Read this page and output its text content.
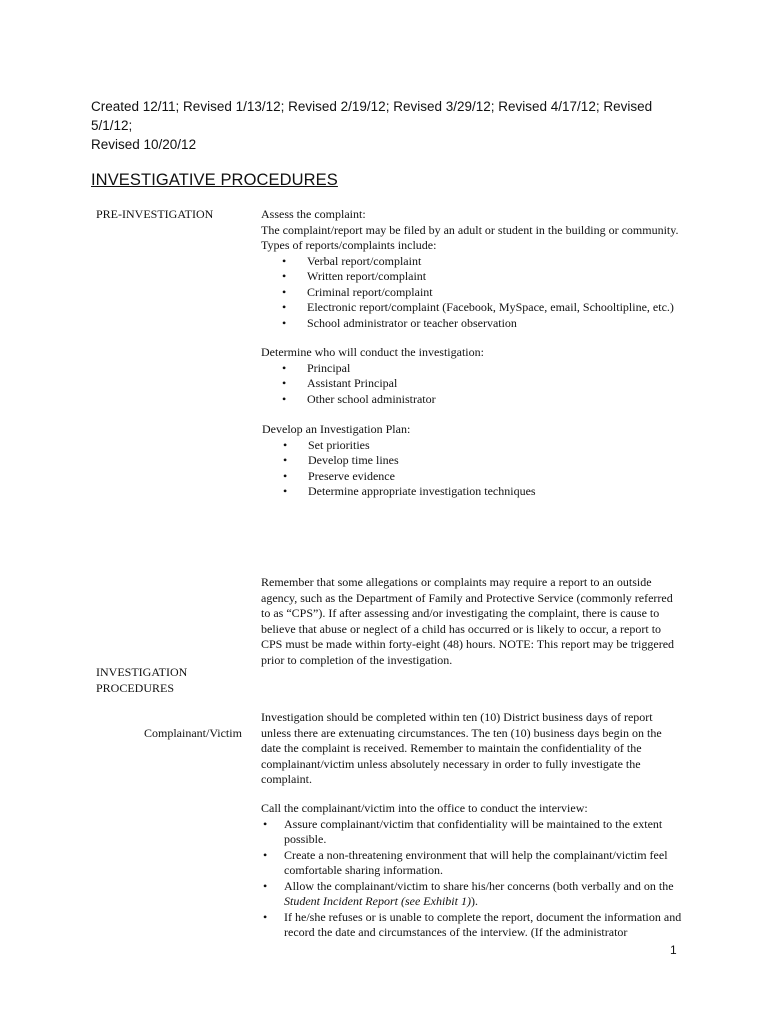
Created 12/11; Revised 1/13/12; Revised 2/19/12; Revised 3/29/12; Revised 4/17/12; Revised 5/1/12;
Revised 10/20/12
INVESTIGATIVE PROCEDURES
PRE-INVESTIGATION	Assess the complaint:

The complaint/report may be filed by an adult or student in the building or community.

Types of reports/complaints include:

• Verbal report/complaint
• Written report/complaint
• Criminal report/complaint
• Electronic report/complaint (Facebook, MySpace, email, Schooltipline, etc.)
• School administrator or teacher observation

Determine who will conduct the investigation:

• Principal
• Assistant Principal
• Other school administrator

Develop an Investigation Plan:

• Set priorities
• Develop time lines
• Preserve evidence
• Determine appropriate investigation techniques

Remember that some allegations or complaints may require a report to an outside

agency, such as the Department of Family and Protective Service (commonly referred

to as “CPS”). If after assessing and/or investigating the complaint, there is cause to

believe that abuse or neglect of a child has occurred or is likely to occur, a report to

CPS must be made within forty-eight (48) hours. NOTE: This report may be triggered

prior to completion of the investigation.

INVESTIGATION
PROCEDURES
Complainant/Victim

Investigation should be completed within ten (10) District business days of report

unless there are extenuating circumstances. The ten (10) business days begin on the

date the complaint is received. Remember to maintain the confidentiality of the

complainant/victim unless absolutely necessary in order to fully investigate the

complaint.

Call the complainant/victim into the office to conduct the interview:

• Assure complainant/victim that confidentiality will be maintained to the extent
possible.
• Create a non-threatening environment that will help the complainant/victim feel
comfortable sharing information.
• Allow the complainant/victim to share his/her concerns (both verbally and on the
Student Incident Report (see Exhibit 1)).
• If he/she refuses or is unable to complete the report, document the information and
record the date and circumstances of the interview. (If the administrator
1
